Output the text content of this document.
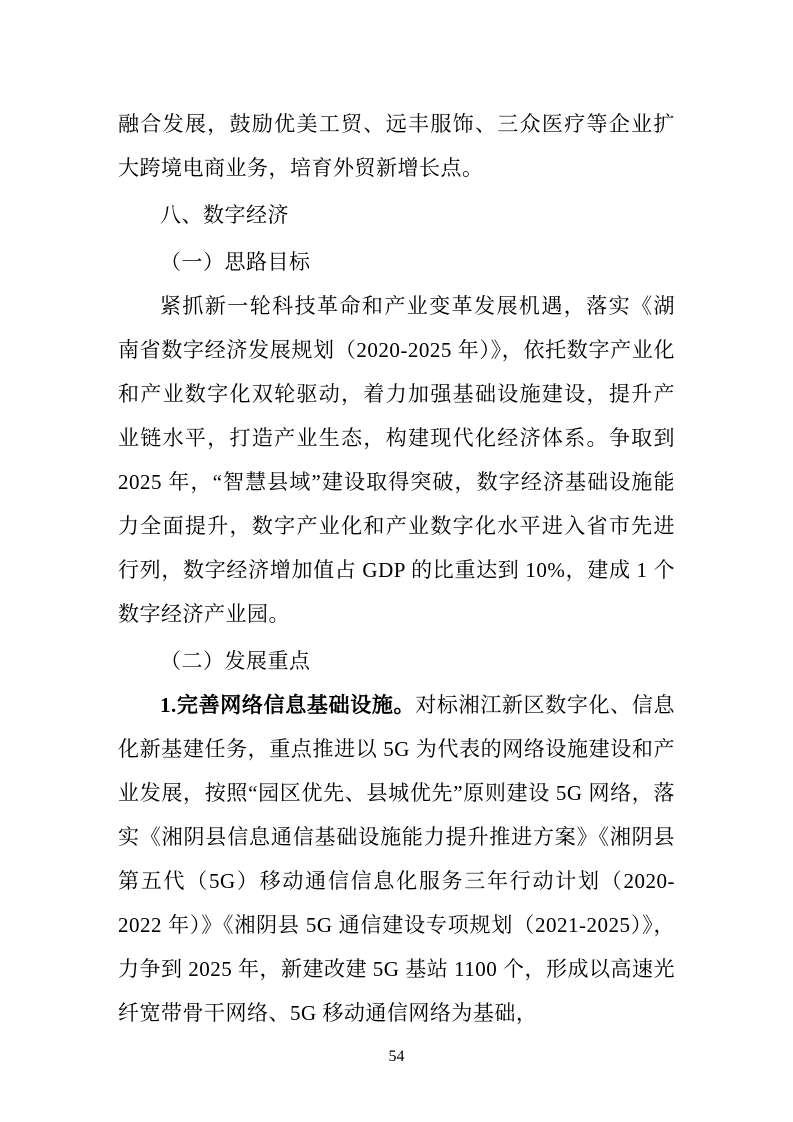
融合发展，鼓励优美工贸、远丰服饰、三众医疗等企业扩大跨境电商业务，培育外贸新增长点。

八、数字经济
（一）思路目标

紧抓新一轮科技革命和产业变革发展机遇，落实《湖南省数字经济发展规划（2020-2025 年）》，依托数字产业化和产业数字化双轮驱动，着力加强基础设施建设，提升产业链水平，打造产业生态，构建现代化经济体系。争取到 2025 年，“智慧县域”建设取得突破，数字经济基础设施能力全面提升，数字产业化和产业数字化水平进入省市先进行列，数字经济增加值占 GDP 的比重达到 10%，建成 1 个数字经济产业园。

（二）发展重点

1.完善网络信息基础设施。对标湘江新区数字化、信息化新基建任务，重点推进以 5G 为代表的网络设施建设和产业发展，按照“园区优先、县城优先”原则建设 5G 网络，落实《湘阴县信息通信基础设施能力提升推进方案》《湘阴县第五代（5G）移动通信信息化服务三年行动计划（2020-2022 年）》《湘阴县 5G 通信建设专项规划（2021-2025）》，力争到 2025 年，新建改建 5G 基站 1100 个，形成以高速光纤宽带骨干网络、5G 移动通信网络为基础，

54
